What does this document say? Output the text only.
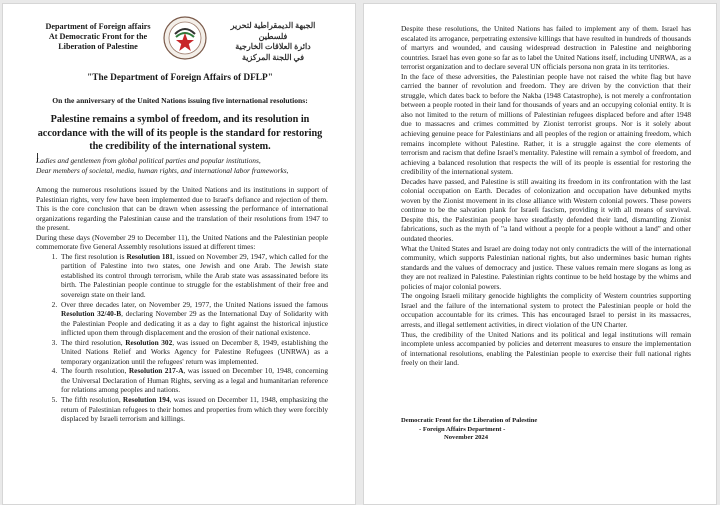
Department of Foreign affairs
At Democratic Front for the
Liberation of Palestine
الجبهة الديمقراطية لتحرير فلسطين
دائرة العلاقات الخارجية
في اللجنة المركزية
"The Department of Foreign Affairs of DFLP"
On the anniversary of the United Nations issuing five international resolutions:
Palestine remains a symbol of freedom, and its resolution in accordance with the will of its people is the standard for restoring the credibility of the international system.
Ladies and gentlemen from global political parties and popular institutions,
Dear members of societal, media, human rights, and international labor frameworks,

Among the numerous resolutions issued by the United Nations and its institutions in support of Palestinian rights, very few have been implemented due to Israel's defiance and rejection of them. This is the core conclusion that can be drawn when assessing the performance of international organizations regarding the Palestinian cause and the translation of their resolutions from 1947 to the present.

During these days (November 29 to December 11), the United Nations and the Palestinian people commemorate five General Assembly resolutions issued at different times:

1. The first resolution is Resolution 181, issued on November 29, 1947, which called for the partition of Palestine into two states, one Jewish and one Arab. The Jewish state established its control through terrorism, while the Arab state was assassinated before its birth. The Palestinian people continue to struggle for the establishment of their free and sovereign state on their land.
2. Over three decades later, on November 29, 1977, the United Nations issued the famous Resolution 32/40-B, declaring November 29 as the International Day of Solidarity with the Palestinian People and dedicating it as a day to fight against the historical injustice inflicted upon them through displacement and the erosion of their national existence.
3. The third resolution, Resolution 302, was issued on December 8, 1949, establishing the United Nations Relief and Works Agency for Palestine Refugees (UNRWA) as a temporary organization until the refugees' return was implemented.
4. The fourth resolution, Resolution 217-A, was issued on December 10, 1948, concerning the Universal Declaration of Human Rights, serving as a legal and humanitarian reference for relations among peoples and nations.
5. The fifth resolution, Resolution 194, was issued on December 11, 1948, emphasizing the return of Palestinian refugees to their homes and properties from which they were forcibly displaced by Israeli terrorism and killings.

Despite these resolutions, the United Nations has failed to implement any of them. Israel has escalated its arrogance, perpetrating extensive killings that have resulted in hundreds of thousands of martyrs and wounded, and causing widespread destruction in Palestine and neighboring countries. Israel has even gone so far as to label the United Nations itself, including UNRWA, as a terrorist organization and to declare several UN officials persona non grata in its territories.

In the face of these adversities, the Palestinian people have not raised the white flag but have carried the banner of revolution and freedom. They are driven by the conviction that their struggle, which dates back to before the Nakba (1948 Catastrophe), is not merely a confrontation between a people rooted in their land for thousands of years and an occupying colonial entity. It is also not limited to the return of millions of Palestinian refugees displaced before and after 1948 due to massacres and crimes committed by Zionist terrorist groups. Nor is it solely about achieving genuine peace for Palestinians and all peoples of the region or attaining freedom, which remains incomplete without Palestine. Rather, it is a struggle against the core elements of terrorism and racism that define Israel's mentality. Palestine will remain a symbol of freedom, and achieving a balanced resolution that respects the will of its people is essential for restoring the credibility of the international system.

Decades have passed, and Palestine is still awaiting its freedom in its confrontation with the last colonial occupation on Earth. Decades of colonization and occupation have debunked myths woven by the Zionist movement in its close alliance with Western colonial powers. These powers continue to be the salvation plank for Israeli fascism, providing it with all means of survival. Despite this, the Palestinian people have steadfastly defended their land, dismantling Zionist fabrications, such as the myth of "a land without a people for a people without a land" and other outdated theories.

What the United States and Israel are doing today not only contradicts the will of the international community, which supports Palestinian national rights, but also undermines basic human rights standards and the values of democracy and justice. These values remain mere slogans as long as they are not realized in Palestine. Palestinian rights continue to be held hostage by the whims and policies of major colonial powers.

The ongoing Israeli military genocide highlights the complicity of Western countries supporting Israel and the failure of the international system to protect the Palestinian people or hold the occupation accountable for its crimes. This has encouraged Israel to persist in its massacres, arrests, and illegal settlement activities, in direct violation of the UN Charter.

Thus, the credibility of the United Nations and its political and legal institutions will remain incomplete unless accompanied by policies and deterrent measures to ensure the implementation of international resolutions, enabling the Palestinian people to exercise their full national rights freely on their land.

Democratic Front for the Liberation of Palestine
- Foreign Affairs Department -
November 2024
